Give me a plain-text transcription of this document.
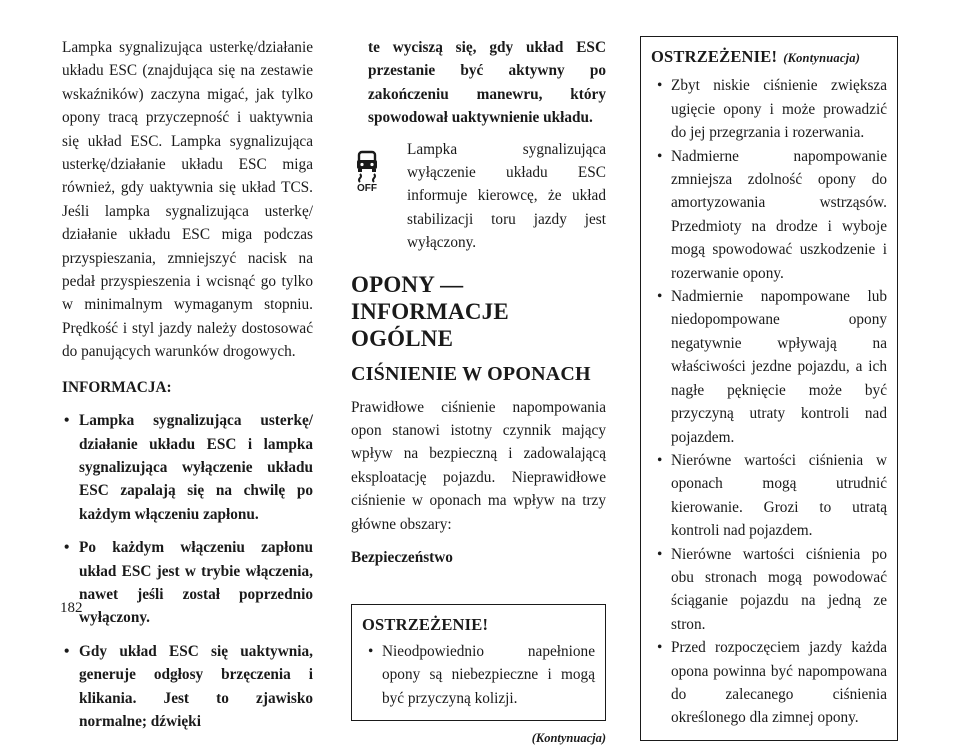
Lampka sygnalizująca usterkę/działanie układu ESC (znajdująca się na zestawie wskaźników) zaczyna migać, jak tylko opony tracą przyczepność i uaktywnia się układ ESC. Lampka sygnalizująca usterkę/działanie układu ESC miga również, gdy uaktywnia się układ TCS. Jeśli lampka sygnalizująca usterkę/ działanie układu ESC miga podczas przyspieszania, zmniejszyć nacisk na pedał przyspieszenia i wcisnąć go tylko w minimalnym wymaganym stopniu. Prędkość i styl jazdy należy dostosować do panujących warunków drogowych.

INFORMACJA:

• Lampka sygnalizująca usterkę/ działanie układu ESC i lampka sygnalizująca wyłączenie układu ESC zapalają się na chwilę po każdym włączeniu zapłonu.
• Po każdym włączeniu zapłonu układ ESC jest w trybie włączenia, nawet jeśli został poprzednio wyłączony.
• Gdy układ ESC się uaktywnia, generuje odgłosy brzęczenia i klikania. Jest to zjawisko normalne; dźwięki

te wyciszą się, gdy układ ESC przestanie być aktywny po zakończeniu manewru, który spowodował uaktywnienie układu.

OFF

Lampka sygnalizująca wyłączenie układu ESC informuje kierowcę, że układ stabilizacji toru jazdy jest wyłączony.

OPONY — INFORMACJE OGÓLNE
CIŚNIENIE W OPONACH

Prawidłowe ciśnienie napompowania opon stanowi istotny czynnik mający wpływ na bezpieczną i zadowalającą eksploatację pojazdu. Nieprawidłowe ciśnienie w oponach ma wpływ na trzy główne obszary:

Bezpieczeństwo

OSTRZEŻENIE!
• Nieodpowiednio napełnione opony są niebezpieczne i mogą być przyczyną kolizji.
(Kontynuacja)
OSTRZEŻENIE! (Kontynuacja)
• Zbyt niskie ciśnienie zwiększa ugięcie opony i może prowadzić do jej przegrzania i rozerwania.
• Nadmierne napompowanie zmniejsza zdolność opony do amortyzowania wstrząsów. Przedmioty na drodze i wyboje mogą spowodować uszkodzenie i rozerwanie opony.
• Nadmiernie napompowane lub niedopompowane opony negatywnie wpływają na właściwości jezdne pojazdu, a ich nagłe pęknięcie może być przyczyną utraty kontroli nad pojazdem.
• Nierówne wartości ciśnienia w oponach mogą utrudnić kierowanie. Grozi to utratą kontroli nad pojazdem.
• Nierówne wartości ciśnienia po obu stronach mogą powodować ściąganie pojazdu na jedną ze stron.
• Przed rozpoczęciem jazdy każda opona powinna być napompowana do zalecanego ciśnienia określonego dla zimnej opony.
182
